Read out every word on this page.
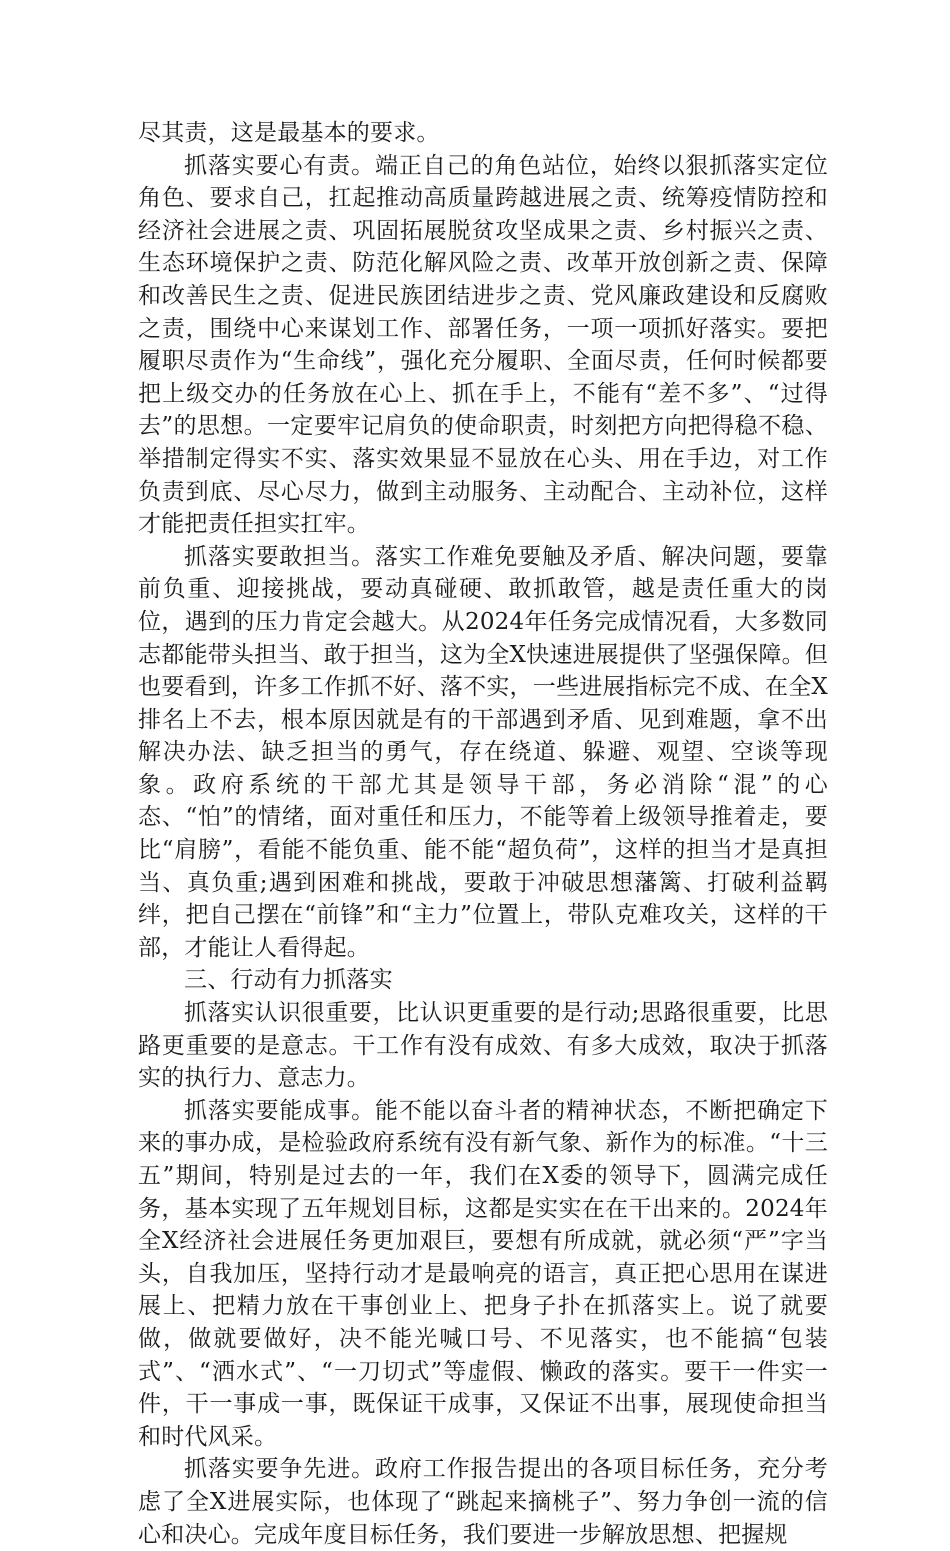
尽其责，这是最基本的要求。

抓落实要心有责。端正自己的角色站位，始终以狠抓落实定位角色、要求自己，扛起推动高质量跨越进展之责、统筹疫情防控和经济社会进展之责、巩固拓展脱贫攻坚成果之责、乡村振兴之责、生态环境保护之责、防范化解风险之责、改革开放创新之责、保障和改善民生之责、促进民族团结进步之责、党风廉政建设和反腐败之责，围绕中心来谋划工作、部署任务，一项一项抓好落实。要把履职尽责作为“生命线”，强化充分履职、全面尽责，任何时候都要把上级交办的任务放在心上、抓在手上，不能有“差不多”、“过得去”的思想。一定要牢记肩负的使命职责，时刻把方向把得稳不稳、举措制定得实不实、落实效果显不显放在心头、用在手边，对工作负责到底、尽心尽力，做到主动服务、主动配合、主动补位，这样才能把责任担实扛牢。

抓落实要敢担当。落实工作难免要触及矛盾、解决问题，要靠前负重、迎接挑战，要动真碰硬、敢抓敢管，越是责任重大的岗位，遇到的压力肯定会越大。从2024年任务完成情况看，大多数同志都能带头担当、敢于担当，这为全X快速进展提供了坚强保障。但也要看到，许多工作抓不好、落不实，一些进展指标完不成、在全X排名上不去，根本原因就是有的干部遇到矛盾、见到难题，拿不出解决办法、缺乏担当的勇气，存在绕道、躲避、观望、空谈等现象。政府系统的干部尤其是领导干部，务必消除“混”的心态、“怕”的情绪，面对重任和压力，不能等着上级领导推着走，要比“肩膀”，看能不能负重、能不能“超负荷”，这样的担当才是真担当、真负重;遇到困难和挑战，要敢于冲破思想藩篱、打破利益羁绊，把自己摆在“前锋”和“主力”位置上，带队克难攻关，这样的干部，才能让人看得起。

三、行动有力抓落实

抓落实认识很重要，比认识更重要的是行动;思路很重要，比思路更重要的是意志。干工作有没有成效、有多大成效，取决于抓落实的执行力、意志力。

抓落实要能成事。能不能以奋斗者的精神状态，不断把确定下来的事办成，是检验政府系统有没有新气象、新作为的标准。“十三五”期间，特别是过去的一年，我们在X委的领导下，圆满完成任务，基本实现了五年规划目标，这都是实实在在干出来的。2024年全X经济社会进展任务更加艰巨，要想有所成就，就必须“严”字当头，自我加压，坚持行动才是最响亮的语言，真正把心思用在谋进展上、把精力放在干事创业上、把身子扑在抓落实上。说了就要做，做就要做好，决不能光喊口号、不见落实，也不能搞“包装式”、“洒水式”、“一刀切式”等虚假、懒政的落实。要干一件实一件，干一事成一事，既保证干成事，又保证不出事，展现使命担当和时代风采。

抓落实要争先进。政府工作报告提出的各项目标任务，充分考虑了全X进展实际，也体现了“跳起来摘桃子”、努力争创一流的信心和决心。完成年度目标任务，我们要进一步解放思想、把握规
